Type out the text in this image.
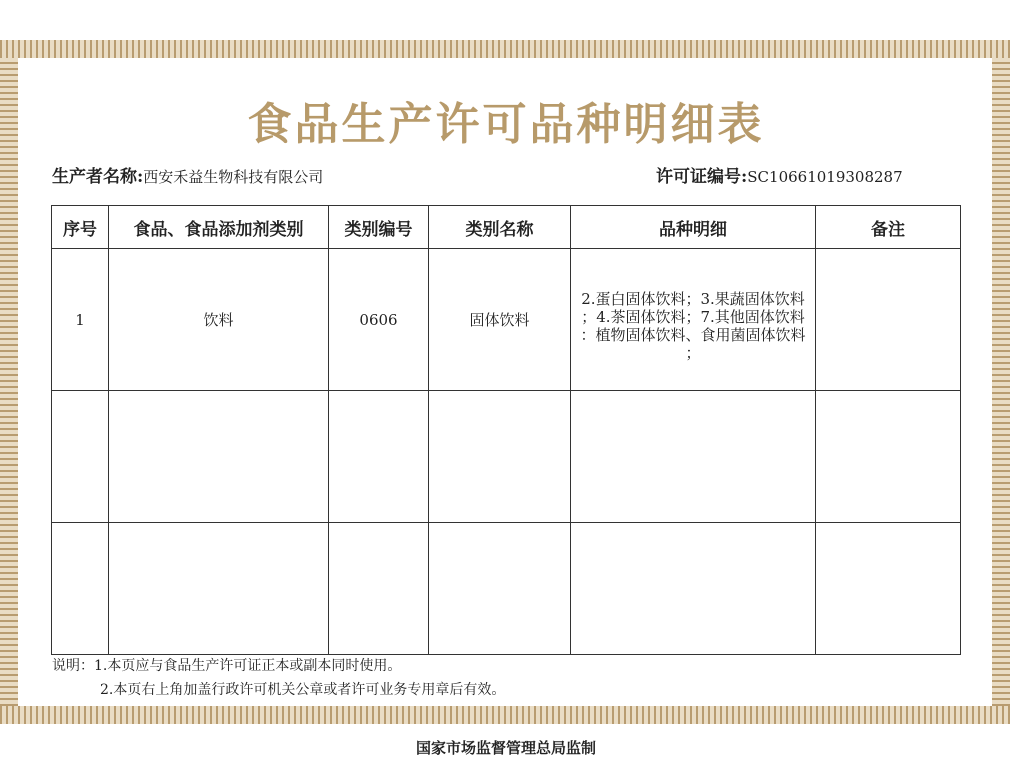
食品生产许可品种明细表
生产者名称:西安禾益生物科技有限公司	许可证编号:SC10661019308287
序号	食品、食品添加剂类别	类别编号	类别名称	品种明细	备注
1	饮料	0606	固体饮料	2.蛋白固体饮料；3.果蔬固体饮料
；4.茶固体饮料；7.其他固体饮料
：植物固体饮料、食用菌固体饮料
；	

说明：1.本页应与食品生产许可证正本或副本同时使用。
2.本页右上角加盖行政许可机关公章或者许可业务专用章后有效。
国家市场监督管理总局监制
